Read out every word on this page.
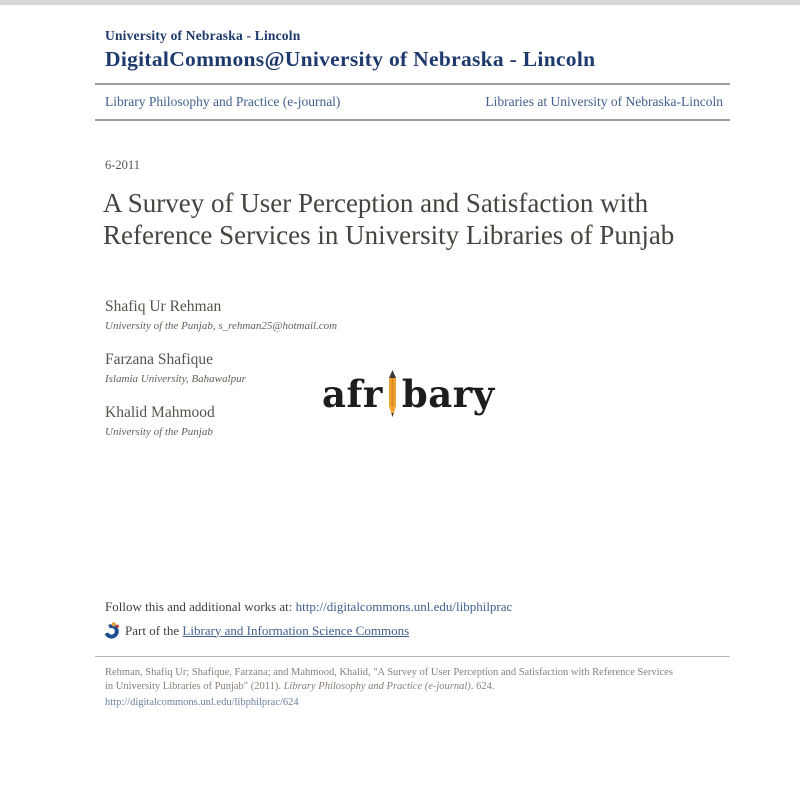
University of Nebraska - Lincoln
DigitalCommons@University of Nebraska - Lincoln
Library Philosophy and Practice (e-journal)	Libraries at University of Nebraska-Lincoln
6-2011
A Survey of User Perception and Satisfaction with Reference Services in University Libraries of Punjab
Shafiq Ur Rehman
University of the Punjab, s_rehman25@hotmail.com
Farzana Shafique
Islamia University, Bahawalpur
Khalid Mahmood
University of the Punjab
afr bary
Follow this and additional works at: http://digitalcommons.unl.edu/libphilprac
Part of the Library and Information Science Commons
Rehman, Shafiq Ur; Shafique, Farzana; and Mahmood, Khalid, "A Survey of User Perception and Satisfaction with Reference Services
in University Libraries of Punjab" (2011). Library Philosophy and Practice (e-journal). 624.
http://digitalcommons.unl.edu/libphilprac/624
